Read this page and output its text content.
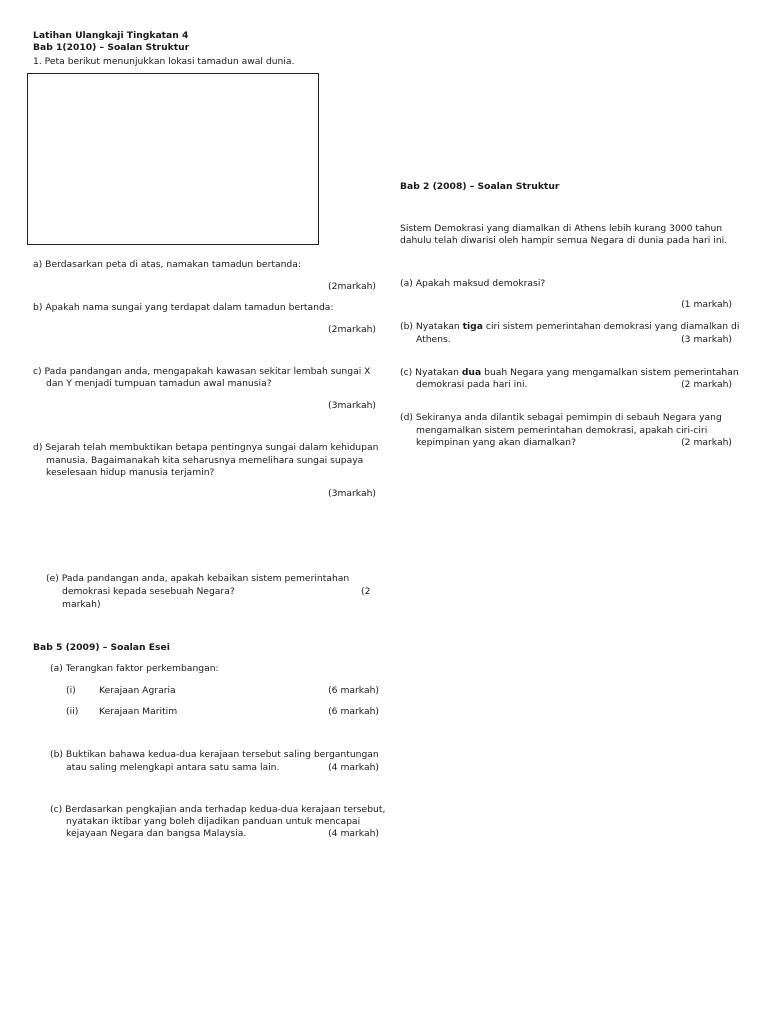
Latihan Ulangkaji Tingkatan 4
Bab 1(2010) – Soalan Struktur
1. Peta berikut menunjukkan lokasi tamadun awal dunia.
a) Berdasarkan peta di atas, namakan tamadun bertanda:
(2markah)
b) Apakah nama sungai yang terdapat dalam tamadun bertanda:
(2markah)
c) Pada pandangan anda, mengapakah kawasan sekitar lembah sungai X
dan Y menjadi tumpuan tamadun awal manusia?
(3markah)
d) Sejarah telah membuktikan betapa pentingnya sungai dalam kehidupan
manusia. Bagaimanakah kita seharusnya memelihara sungai supaya
keselesaan hidup manusia terjamin?
(3markah)
(e) Pada pandangan anda, apakah kebaikan sistem pemerintahan
demokrasi kepada sesebuah Negara?	(2
markah)
Bab 5 (2009) – Soalan Esei
(a) Terangkan faktor perkembangan:
(i)	Kerajaan Agraria	(6 markah)
(ii) Kerajaan Maritim	(6 markah)
(b) Buktikan bahawa kedua-dua kerajaan tersebut saling bergantungan
atau saling melengkapi antara satu sama lain.	(4 markah)
(c) Berdasarkan pengkajian anda terhadap kedua-dua kerajaan tersebut,
nyatakan iktibar yang boleh dijadikan panduan untuk mencapai
kejayaan Negara dan bangsa Malaysia.	(4 markah)
Bab 2 (2008) – Soalan Struktur
Sistem Demokrasi yang diamalkan di Athens lebih kurang 3000 tahun
dahulu telah diwarisi oleh hampir semua Negara di dunia pada hari ini.
(a) Apakah maksud demokrasi?
(1 markah)
(b) Nyatakan tiga ciri sistem pemerintahan demokrasi yang diamalkan di
Athens.	(3 markah)
(c) Nyatakan dua buah Negara yang mengamalkan sistem pemerintahan
demokrasi pada hari ini.	(2 markah)
(d) Sekiranya anda dilantik sebagai pemimpin di sebauh Negara yang
mengamalkan sistem pemerintahan demokrasi, apakah ciri-ciri
kepimpinan yang akan diamalkan?	(2 markah)
